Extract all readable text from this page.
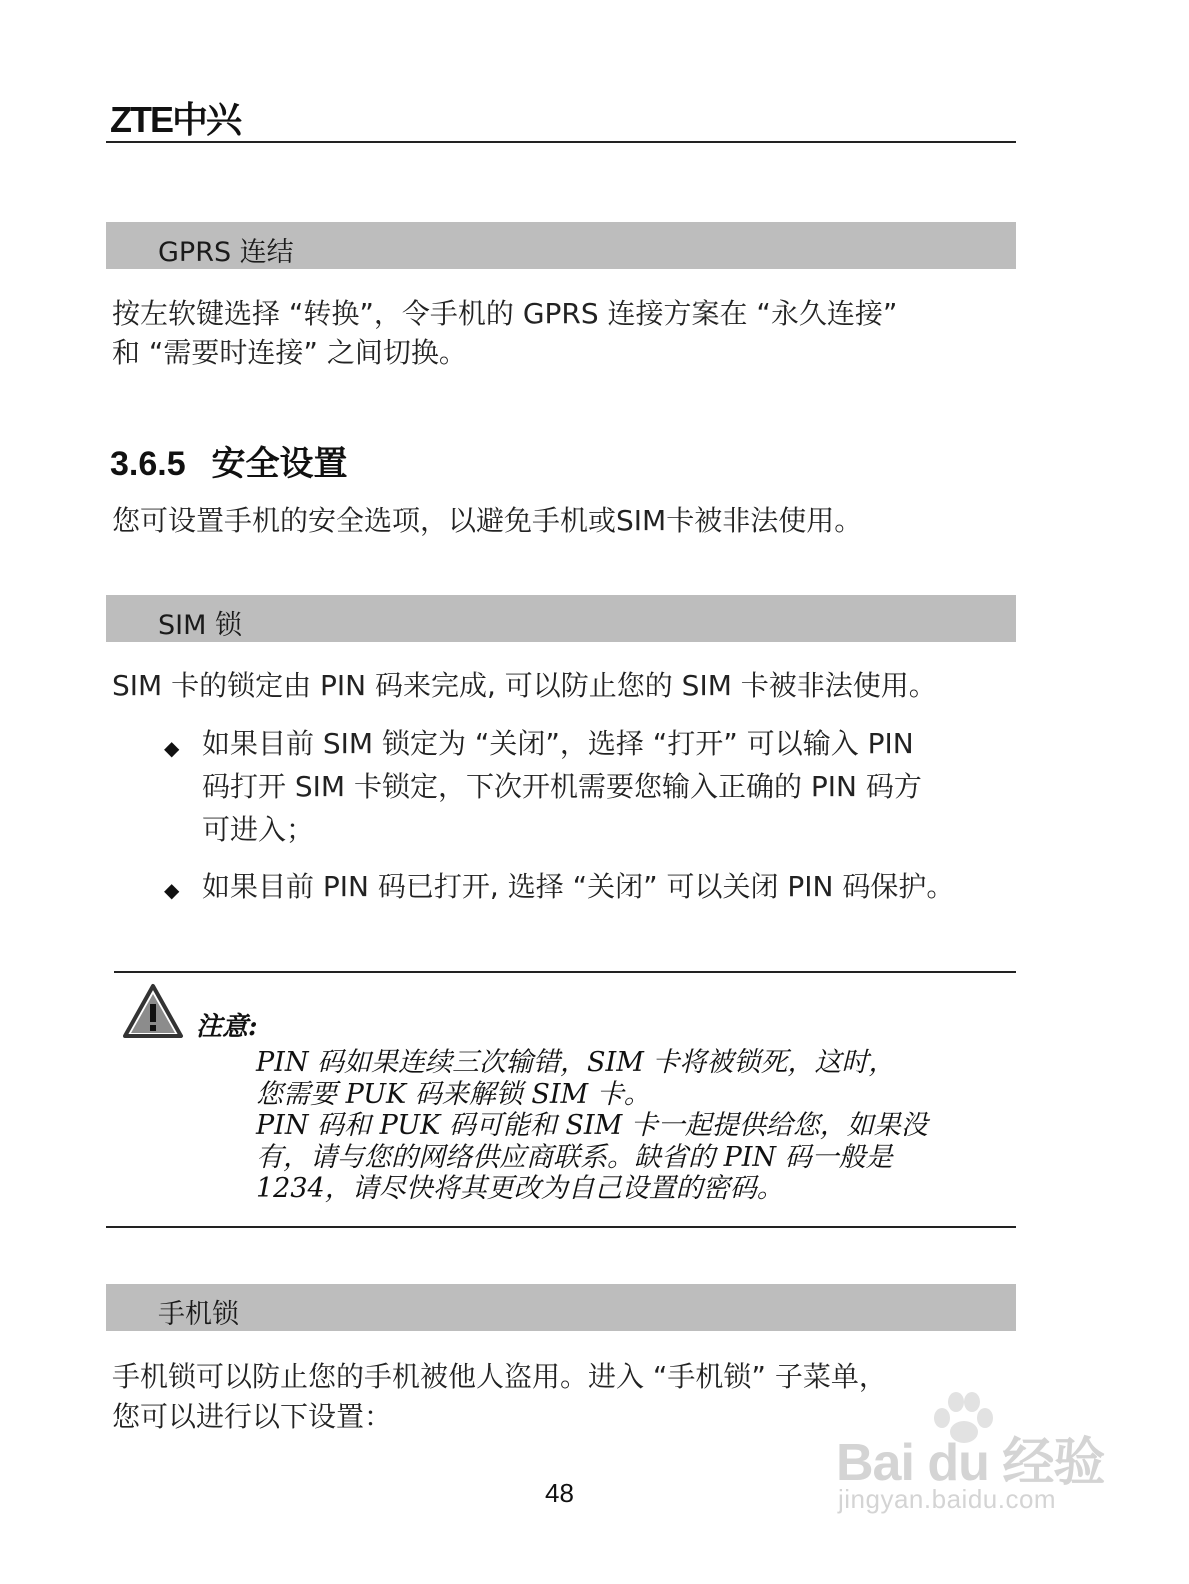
ZTE中兴
GPRS 连结
按左软键选择 “转换”，令手机的 GPRS 连接方案在 “永久连接”
和 “需要时连接” 之间切换。
3.6.5 安全设置
您可设置手机的安全选项，以避免手机或SIM卡被非法使用。
SIM 锁
SIM 卡的锁定由 PIN 码来完成, 可以防止您的 SIM 卡被非法使用。
◆ 如果目前 SIM 锁定为 “关闭”，选择 “打开” 可以输入 PIN
码打开 SIM 卡锁定，下次开机需要您输入正确的 PIN 码方
可进入；
◆ 如果目前 PIN 码已打开, 选择 “关闭” 可以关闭 PIN 码保护。
注意:
PIN 码如果连续三次输错，SIM 卡将被锁死，这时，
您需要 PUK 码来解锁 SIM 卡。
PIN 码和 PUK 码可能和 SIM 卡一起提供给您，如果没
有，请与您的网络供应商联系。缺省的 PIN 码一般是
1234，请尽快将其更改为自己设置的密码。
手机锁
手机锁可以防止您的手机被他人盗用。进入 “手机锁” 子菜单，
您可以进行以下设置：
48
Bai du 经验
jingyan.baidu.com
